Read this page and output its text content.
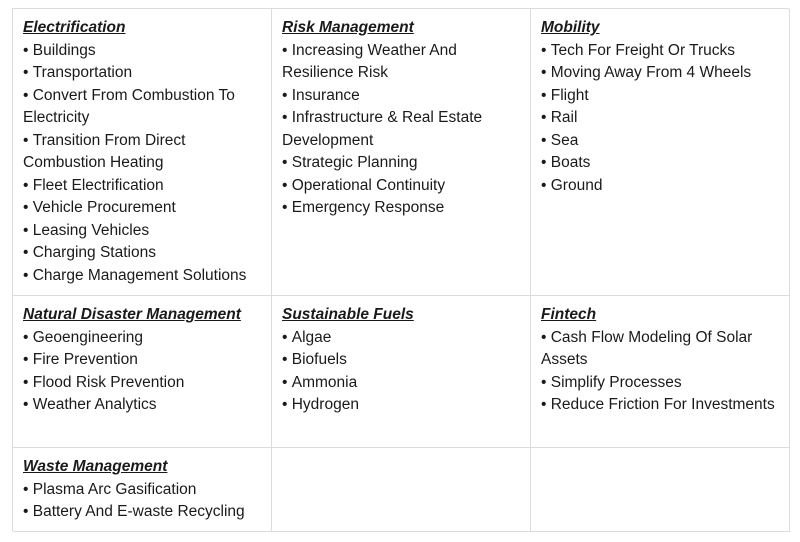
Electrification
• Buildings
• Transportation
• Convert From Combustion To Electricity
• Transition From Direct Combustion Heating
• Fleet Electrification
• Vehicle Procurement
• Leasing Vehicles
• Charging Stations
• Charge Management Solutions
Risk Management
• Increasing Weather And Resilience Risk
• Insurance
• Infrastructure & Real Estate Development
• Strategic Planning
• Operational Continuity
• Emergency Response
Mobility
• Tech For Freight Or Trucks
• Moving Away From 4 Wheels
• Flight
• Rail
• Sea
• Boats
• Ground
Natural Disaster Management
• Geoengineering
• Fire Prevention
• Flood Risk Prevention
• Weather Analytics
Sustainable Fuels
• Algae
• Biofuels
• Ammonia
• Hydrogen
Fintech
• Cash Flow Modeling Of Solar Assets
• Simplify Processes
• Reduce Friction For Investments
Waste Management
• Plasma Arc Gasification
• Battery And E-waste Recycling
